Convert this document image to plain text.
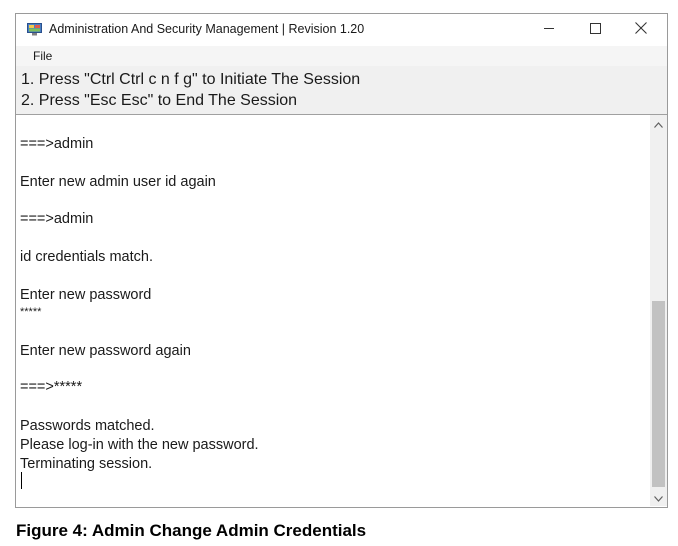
Administration And Security Management | Revision 1.20
File
1. Press "Ctrl Ctrl c n f g" to Initiate The Session
2. Press "Esc Esc" to End The Session
===>admin
Enter new admin user id again
===>admin
id credentials match.
Enter new password
*****
Enter new password again
===>*****
Passwords matched.
Please log-in with the new password.
Terminating session.
Figure 4: Admin Change Admin Credentials
